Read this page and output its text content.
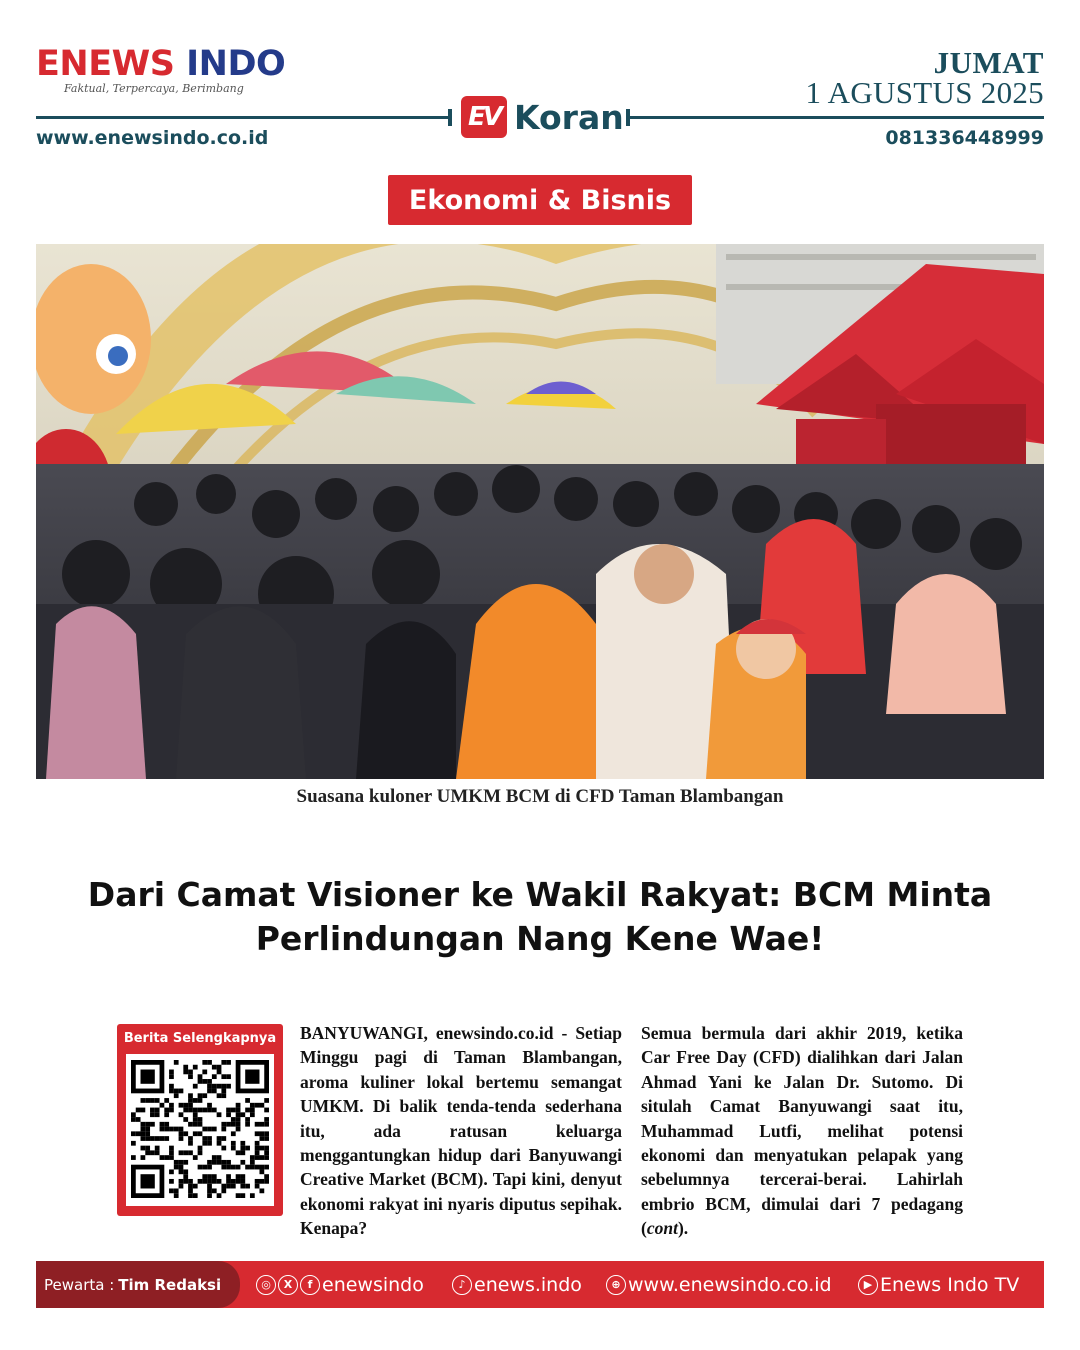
ENEWS INDO
Faktual, Terpercaya, Berimbang
JUMAT
1 AGUSTUS 2025
EV Koran
www.enewsindo.co.id	081336448999
Ekonomi & Bisnis
Suasana kuloner UMKM BCM di CFD Taman Blambangan
Dari Camat Visioner ke Wakil Rakyat: BCM Minta Perlindungan Nang Kene Wae!
Berita Selengkapnya	BANYUWANGI, enewsindo.co.id - Setiap Minggu pagi di Taman Blambangan, aroma kuliner lokal bertemu semangat UMKM. Di balik tenda-tenda sederhana itu, ada ratusan keluarga menggantungkan hidup dari Banyuwangi Creative Market (BCM). Tapi kini, denyut ekonomi rakyat ini nyaris diputus sepihak. Kenapa?
Semua bermula dari akhir 2019, ketika Car Free Day (CFD) dialihkan dari Jalan Ahmad Yani ke Jalan Dr. Sutomo. Di situlah Camat Banyuwangi saat itu, Muhammad Lutfi, melihat potensi ekonomi dan menyatukan pelapak yang sebelumnya tercerai-berai. Lahirlah embrio BCM, dimulai dari 7 pedagang (cont).
Pewarta : Tim Redaksi	◎	X	f enewsindo	♪ enews.indo	⊕ www.enewsindo.co.id	▶ Enews Indo TV
